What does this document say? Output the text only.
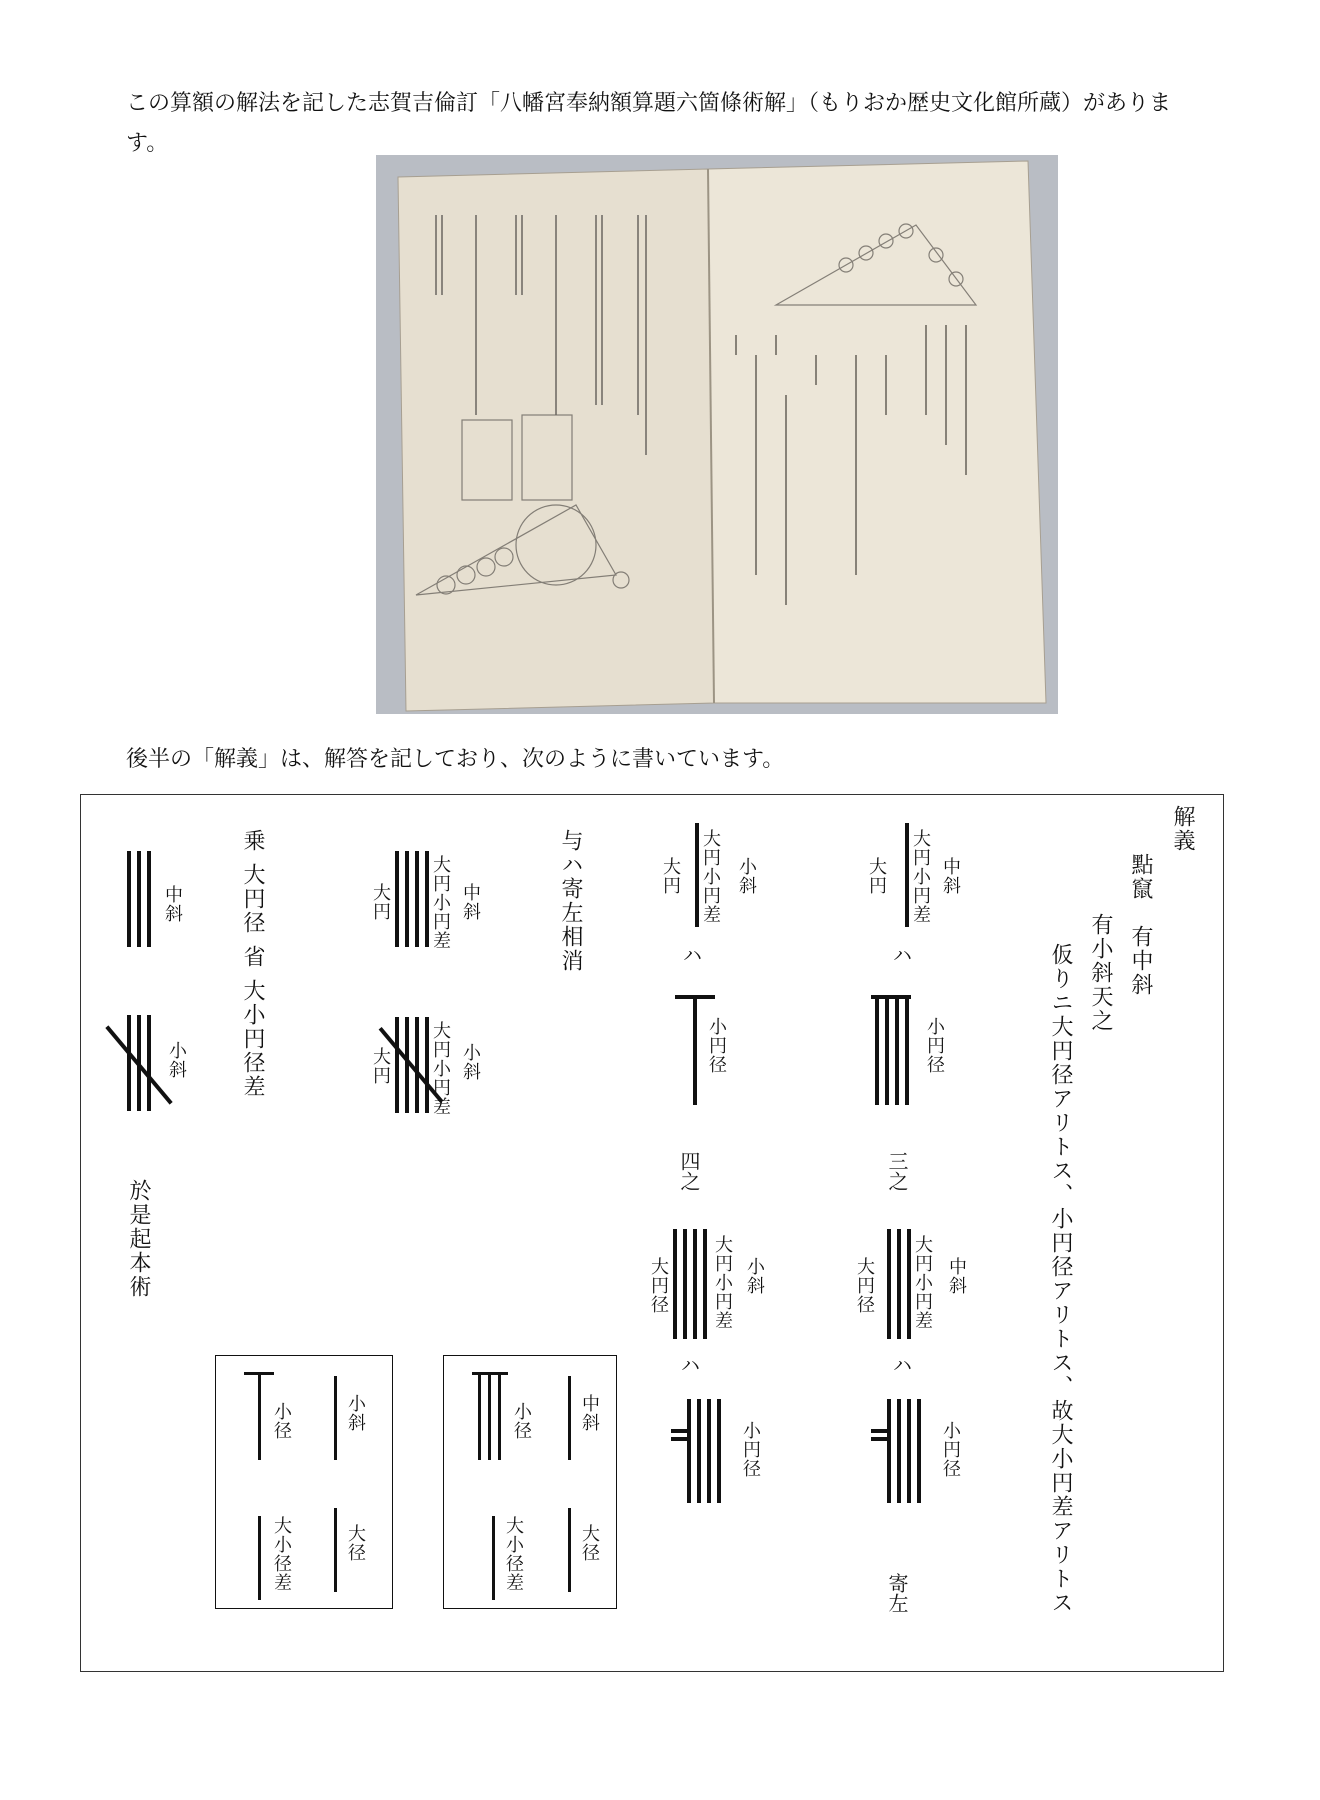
この算額の解法を記した志賀吉倫訂「八幡宮奉納額算題六箇條術解」（もりおか歴史文化館所蔵）があります。
後半の「解義」は、解答を記しており、次のように書いています。
解義
點竄　有中斜
有小斜天之
仮りニ大円径アリトス、小円径アリトス、故大小円差アリトス
大円小円差
大円	中斜
ハ
小円径
三之
大円小円差
大円径	中斜
ハ
小円径
寄左
大円小円差
大円	小斜
ハ
小円径
四之
大円小円差
大円径	小斜
ハ
小円径
与ハ寄左相消
大円小円差
大円	中斜
大円小円差
大円	小斜
乗
大円径
省
大小円径差
中斜
小斜
於是起本術
小径	中斜
大小径差	大径
小径	小斜
大小径差	大径
